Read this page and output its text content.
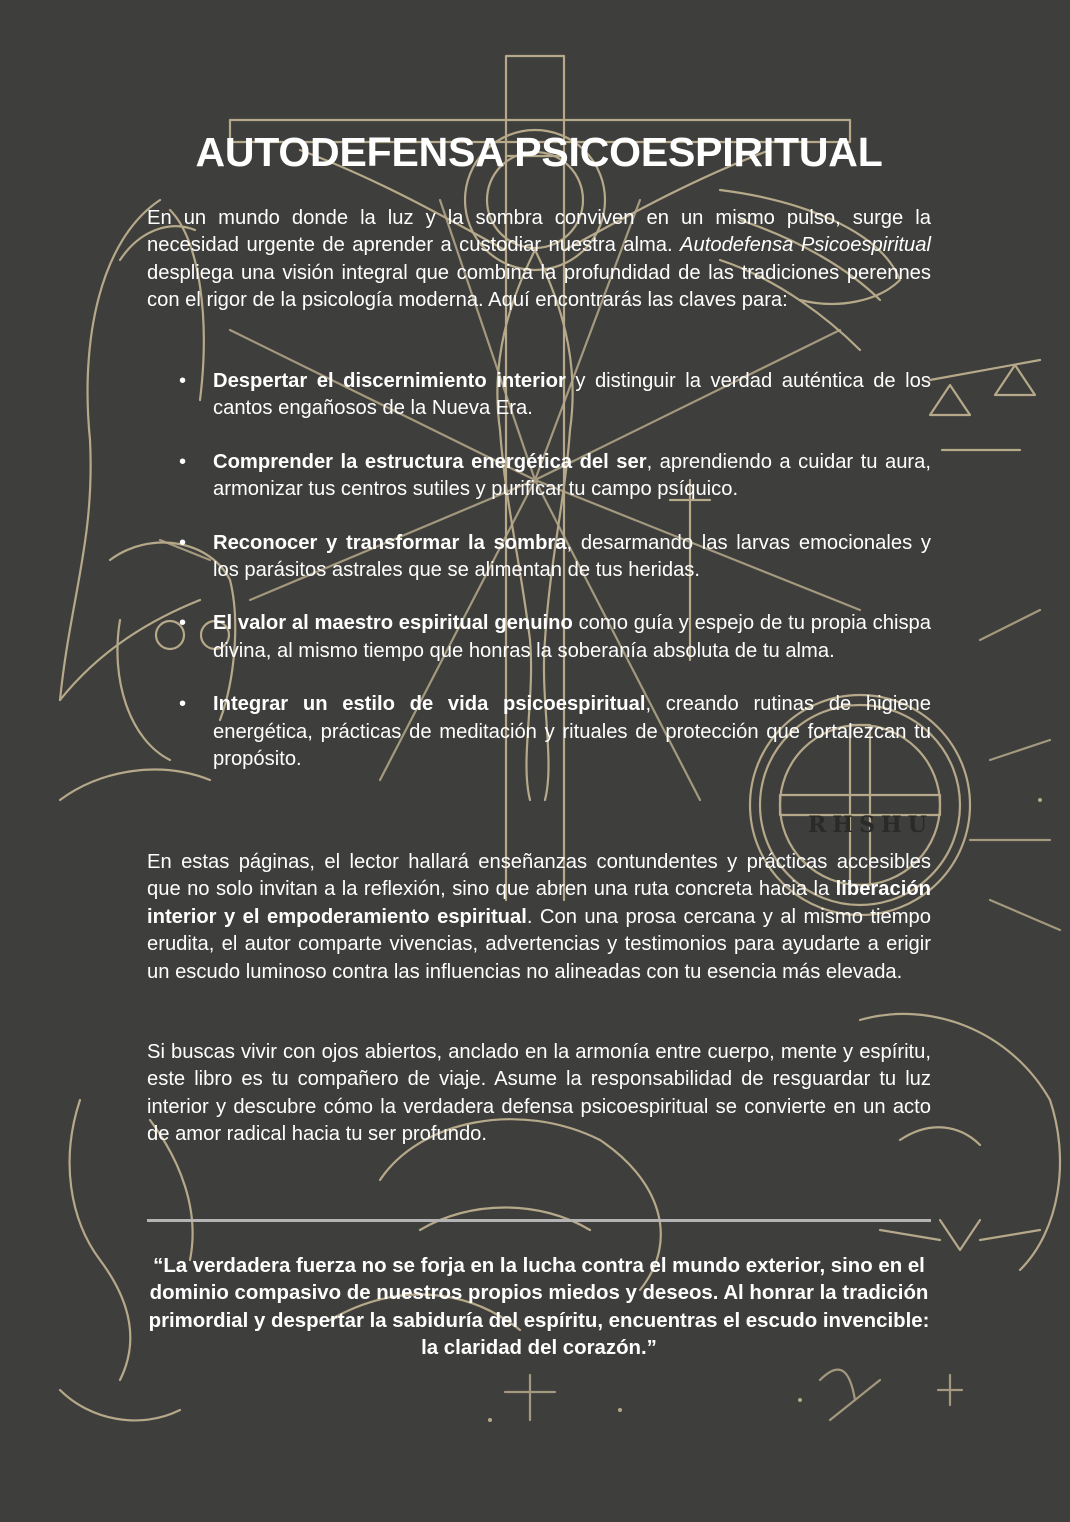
RHSHU
AUTODEFENSA PSICOESPIRITUAL

En un mundo donde la luz y la sombra conviven en un mismo pulso, surge la necesidad urgente de aprender a custodiar nuestra alma. Autodefensa Psicoespiritual despliega una visión integral que combina la profundidad de las tradiciones perennes con el rigor de la psicología moderna. Aquí encontrarás las claves para:

• Despertar el discernimiento interior y distinguir la verdad auténtica de los cantos engañosos de la Nueva Era.
• Comprender la estructura energética del ser, aprendiendo a cuidar tu aura, armonizar tus centros sutiles y purificar tu campo psíquico.
• Reconocer y transformar la sombra, desarmando las larvas emocionales y los parásitos astrales que se alimentan de tus heridas.
• El valor al maestro espiritual genuino como guía y espejo de tu propia chispa divina, al mismo tiempo que honras la soberanía absoluta de tu alma.
• Integrar un estilo de vida psicoespiritual, creando rutinas de higiene energética, prácticas de meditación y rituales de protección que fortalezcan tu propósito.

En estas páginas, el lector hallará enseñanzas contundentes y prácticas accesibles que no solo invitan a la reflexión, sino que abren una ruta concreta hacia la liberación interior y el empoderamiento espiritual. Con una prosa cercana y al mismo tiempo erudita, el autor comparte vivencias, advertencias y testimonios para ayudarte a erigir un escudo luminoso contra las influencias no alineadas con tu esencia más elevada.

Si buscas vivir con ojos abiertos, anclado en la armonía entre cuerpo, mente y espíritu, este libro es tu compañero de viaje. Asume la responsabilidad de resguardar tu luz interior y descubre cómo la verdadera defensa psicoespiritual se convierte en un acto de amor radical hacia tu ser profundo.

“La verdadera fuerza no se forja en la lucha contra el mundo exterior, sino en el dominio compasivo de nuestros propios miedos y deseos. Al honrar la tradición primordial y despertar la sabiduría del espíritu, encuentras el escudo invencible: la claridad del corazón.”
